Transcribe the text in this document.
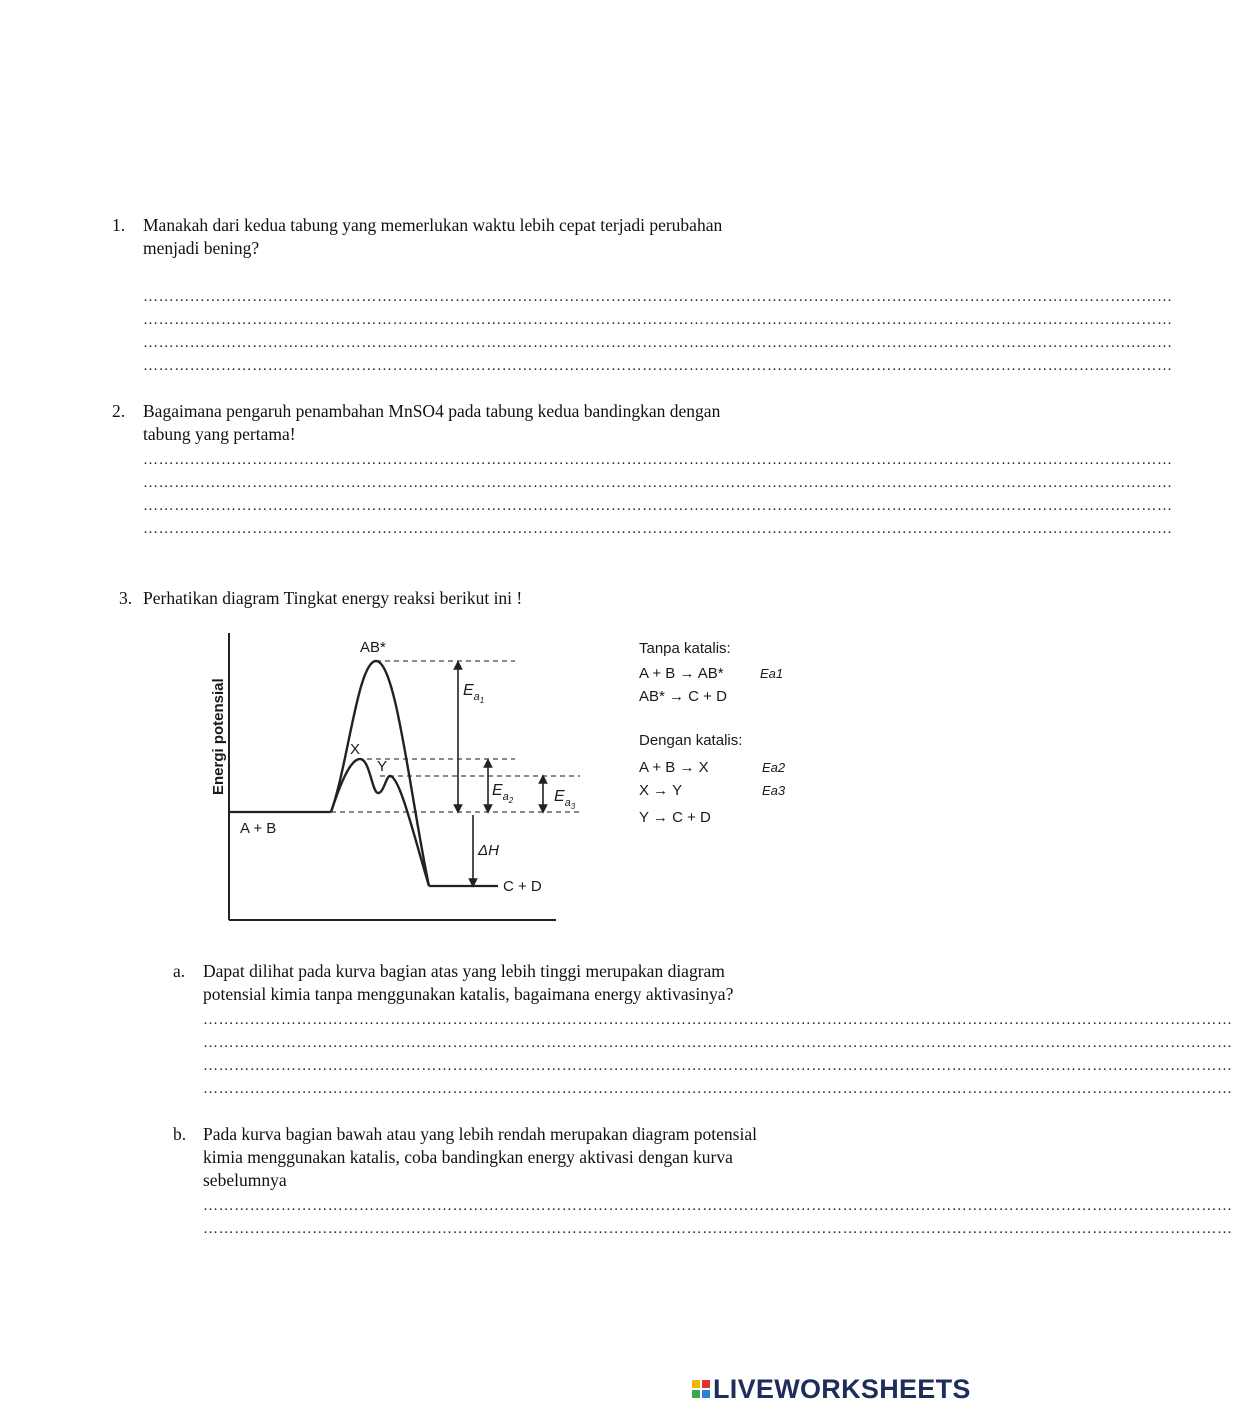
1. Manakah dari kedua tabung yang memerlukan waktu lebih cepat terjadi perubahan
menjadi bening?
………………………………………………………………………………………………………………………………………………………………………………
………………………………………………………………………………………………………………………………………………………………………………
………………………………………………………………………………………………………………………………………………………………………………
………………………………………………………………………………………………………………………………………………………………………………
2. Bagaimana pengaruh penambahan MnSO4 pada tabung kedua bandingkan dengan
tabung yang pertama!
………………………………………………………………………………………………………………………………………………………………………………
………………………………………………………………………………………………………………………………………………………………………………
………………………………………………………………………………………………………………………………………………………………………………
………………………………………………………………………………………………………………………………………………………………………………
3. Perhatikan diagram Tingkat energy reaksi berikut ini !
Energi potensial
AB*
X
Y
A + B
C + D
ΔH
$E_a1$
$E_a2$	$E_a3$
Tanpa katalis:
A + B → AB*	Ea1
AB* → C + D
Dengan katalis:
A + B → X	Ea2
X → Y	Ea3
Y → C + D
a. Dapat dilihat pada kurva bagian atas yang lebih tinggi merupakan diagram
potensial kimia tanpa menggunakan katalis, bagaimana energy aktivasinya?
………………………………………………………………………………………………………………………………………………………………………………
………………………………………………………………………………………………………………………………………………………………………………
………………………………………………………………………………………………………………………………………………………………………………
………………………………………………………………………………………………………………………………………………………………………………
b. Pada kurva bagian bawah atau yang lebih rendah merupakan diagram potensial
kimia menggunakan katalis, coba bandingkan energy aktivasi dengan kurva
sebelumnya
………………………………………………………………………………………………………………………………………………………………………………
………………………………………………………………………………………………………………………………………………………………………………
LIVEWORKSHEETS
